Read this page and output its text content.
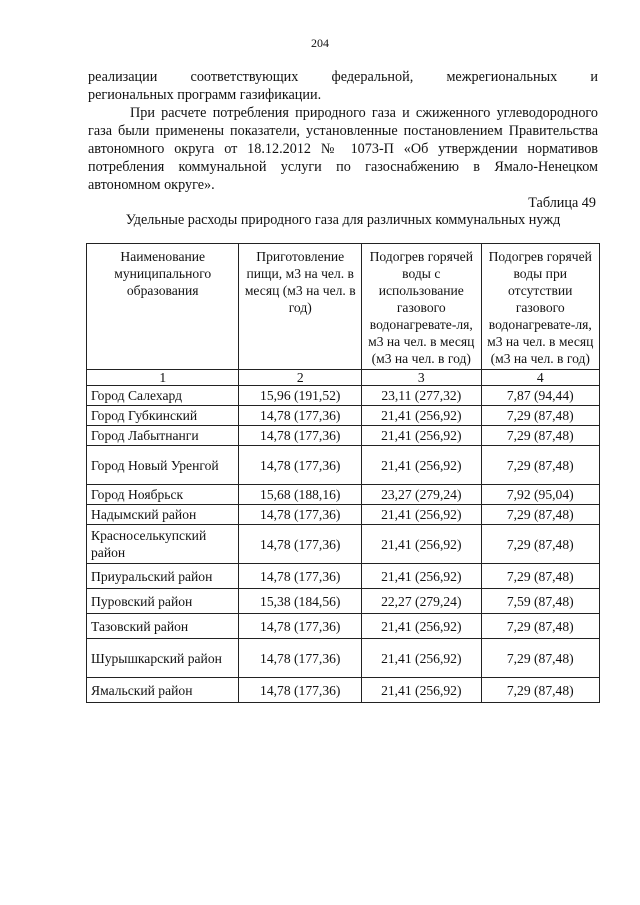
204
реализации соответствующих федеральной, межрегиональных и
региональных программ газификации.
При расчете потребления природного газа и сжиженного углеводородного газа были применены показатели, установленные постановлением Правительства автономного округа от 18.12.2012 № 1073-П «Об утверждении нормативов потребления коммунальной услуги по газоснабжению в Ямало-Ненецком автономном округе».
Таблица 49
Удельные расходы природного газа для различных коммунальных нужд
Наименование муниципального образования	Приготовление пищи, м3 на чел. в месяц (м3 на чел. в год)	Подогрев горячей воды с использование газового водонагревате-ля, м3 на чел. в месяц (м3 на чел. в год)	Подогрев горячей воды при отсутствии газового водонагревате-ля, м3 на чел. в месяц (м3 на чел. в год)
1	2	3	4
Город Салехард	15,96 (191,52)	23,11 (277,32)	7,87 (94,44)
Город Губкинский	14,78 (177,36)	21,41 (256,92)	7,29 (87,48)
Город Лабытнанги	14,78 (177,36)	21,41 (256,92)	7,29 (87,48)
Город Новый Уренгой	14,78 (177,36)	21,41 (256,92)	7,29 (87,48)
Город Ноябрьск	15,68 (188,16)	23,27 (279,24)	7,92 (95,04)
Надымский район	14,78 (177,36)	21,41 (256,92)	7,29 (87,48)
Красноселькупский район	14,78 (177,36)	21,41 (256,92)	7,29 (87,48)
Приуральский район	14,78 (177,36)	21,41 (256,92)	7,29 (87,48)
Пуровский район	15,38 (184,56)	22,27 (279,24)	7,59 (87,48)
Тазовский район	14,78 (177,36)	21,41 (256,92)	7,29 (87,48)
Шурышкарский район	14,78 (177,36)	21,41 (256,92)	7,29 (87,48)
Ямальский район	14,78 (177,36)	21,41 (256,92)	7,29 (87,48)
